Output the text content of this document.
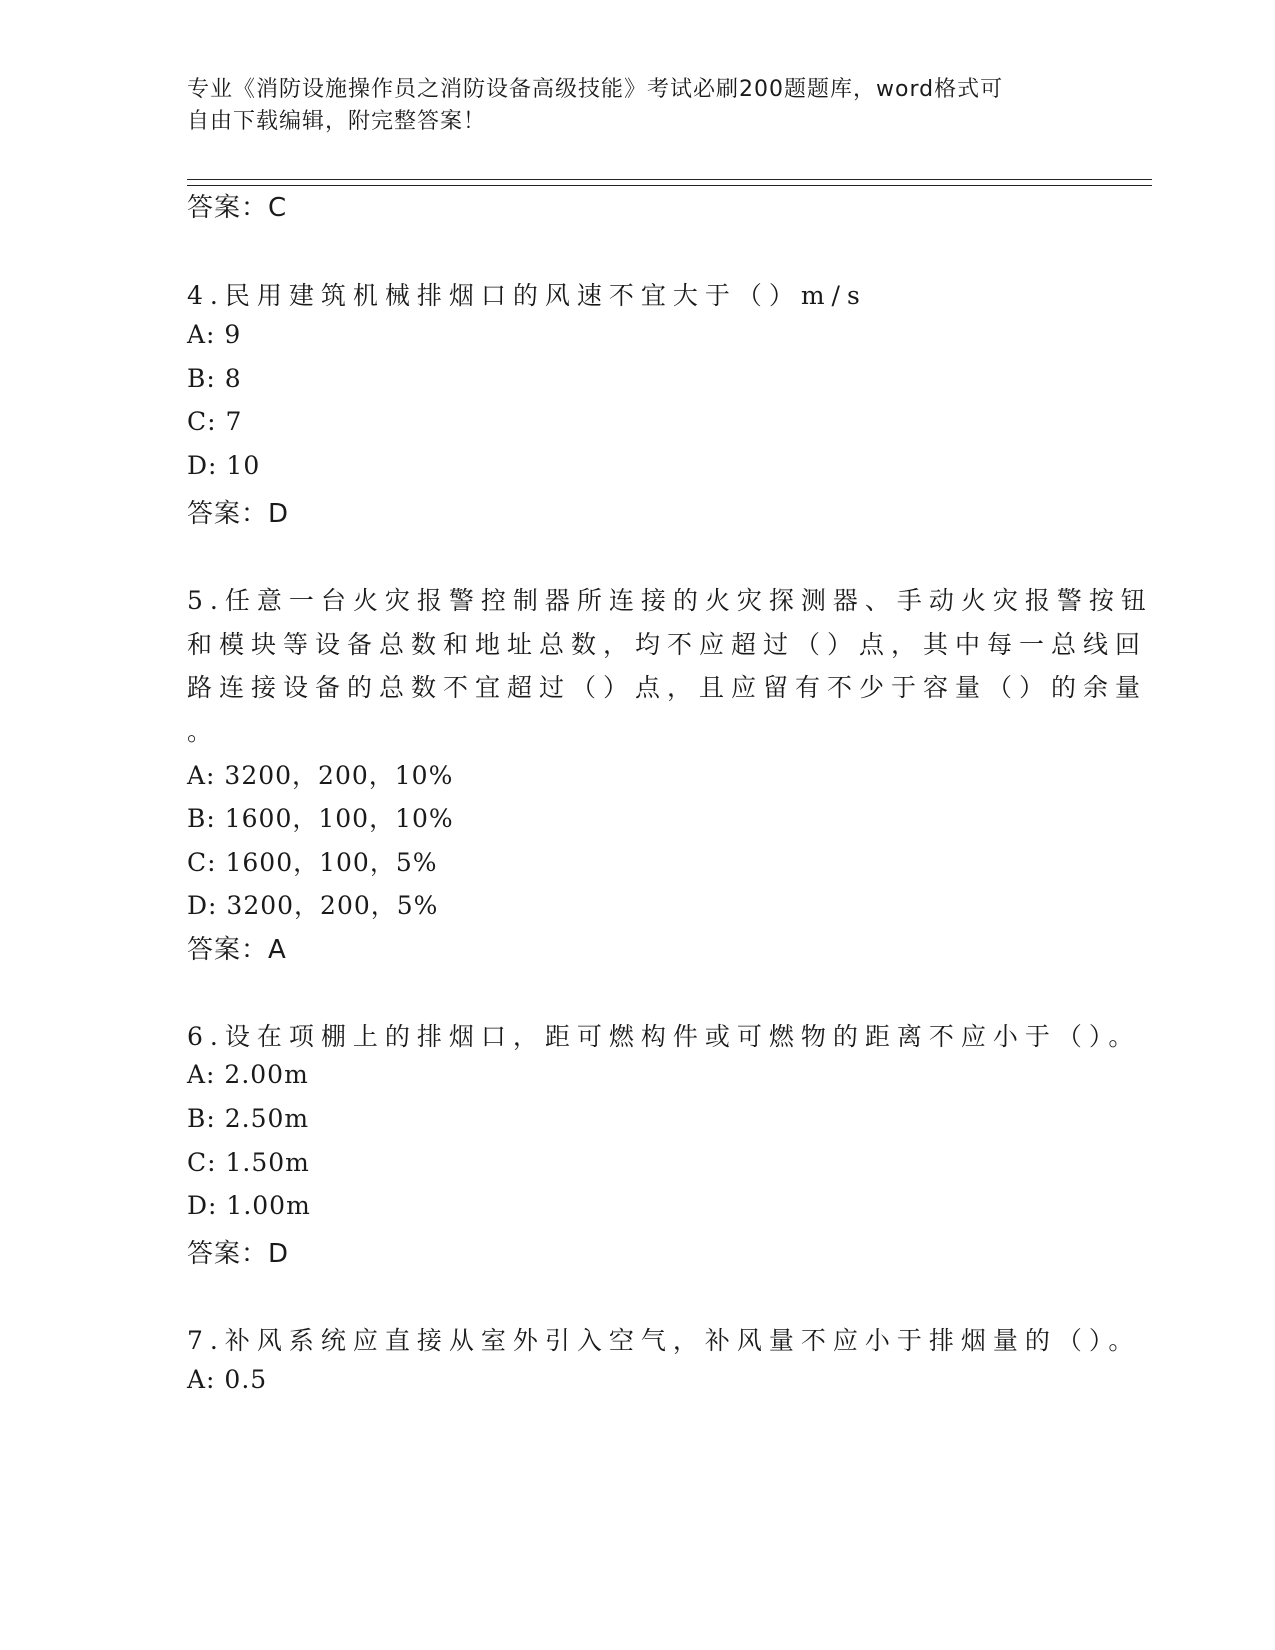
专业《消防设施操作员之消防设备高级技能》考试必刷200题题库，word格式可
自由下载编辑，附完整答案！
答案：C
4.民用建筑机械排烟口的风速不宜大于（）m/s
A: 9
B: 8
C: 7
D: 10
答案：D
5.任意一台火灾报警控制器所连接的火灾探测器、手动火灾报警按钮
和模块等设备总数和地址总数，均不应超过（）点，其中每一总线回
路连接设备的总数不宜超过（）点，且应留有不少于容量（）的余量
。
A: 3200，200，10%
B: 1600，100，10%
C: 1600，100，5%
D: 3200，200，5%
答案：A
6.设在项棚上的排烟口，距可燃构件或可燃物的距离不应小于（）。
A: 2.00m
B: 2.50m
C: 1.50m
D: 1.00m
答案：D
7.补风系统应直接从室外引入空气，补风量不应小于排烟量的（）。
A: 0.5
